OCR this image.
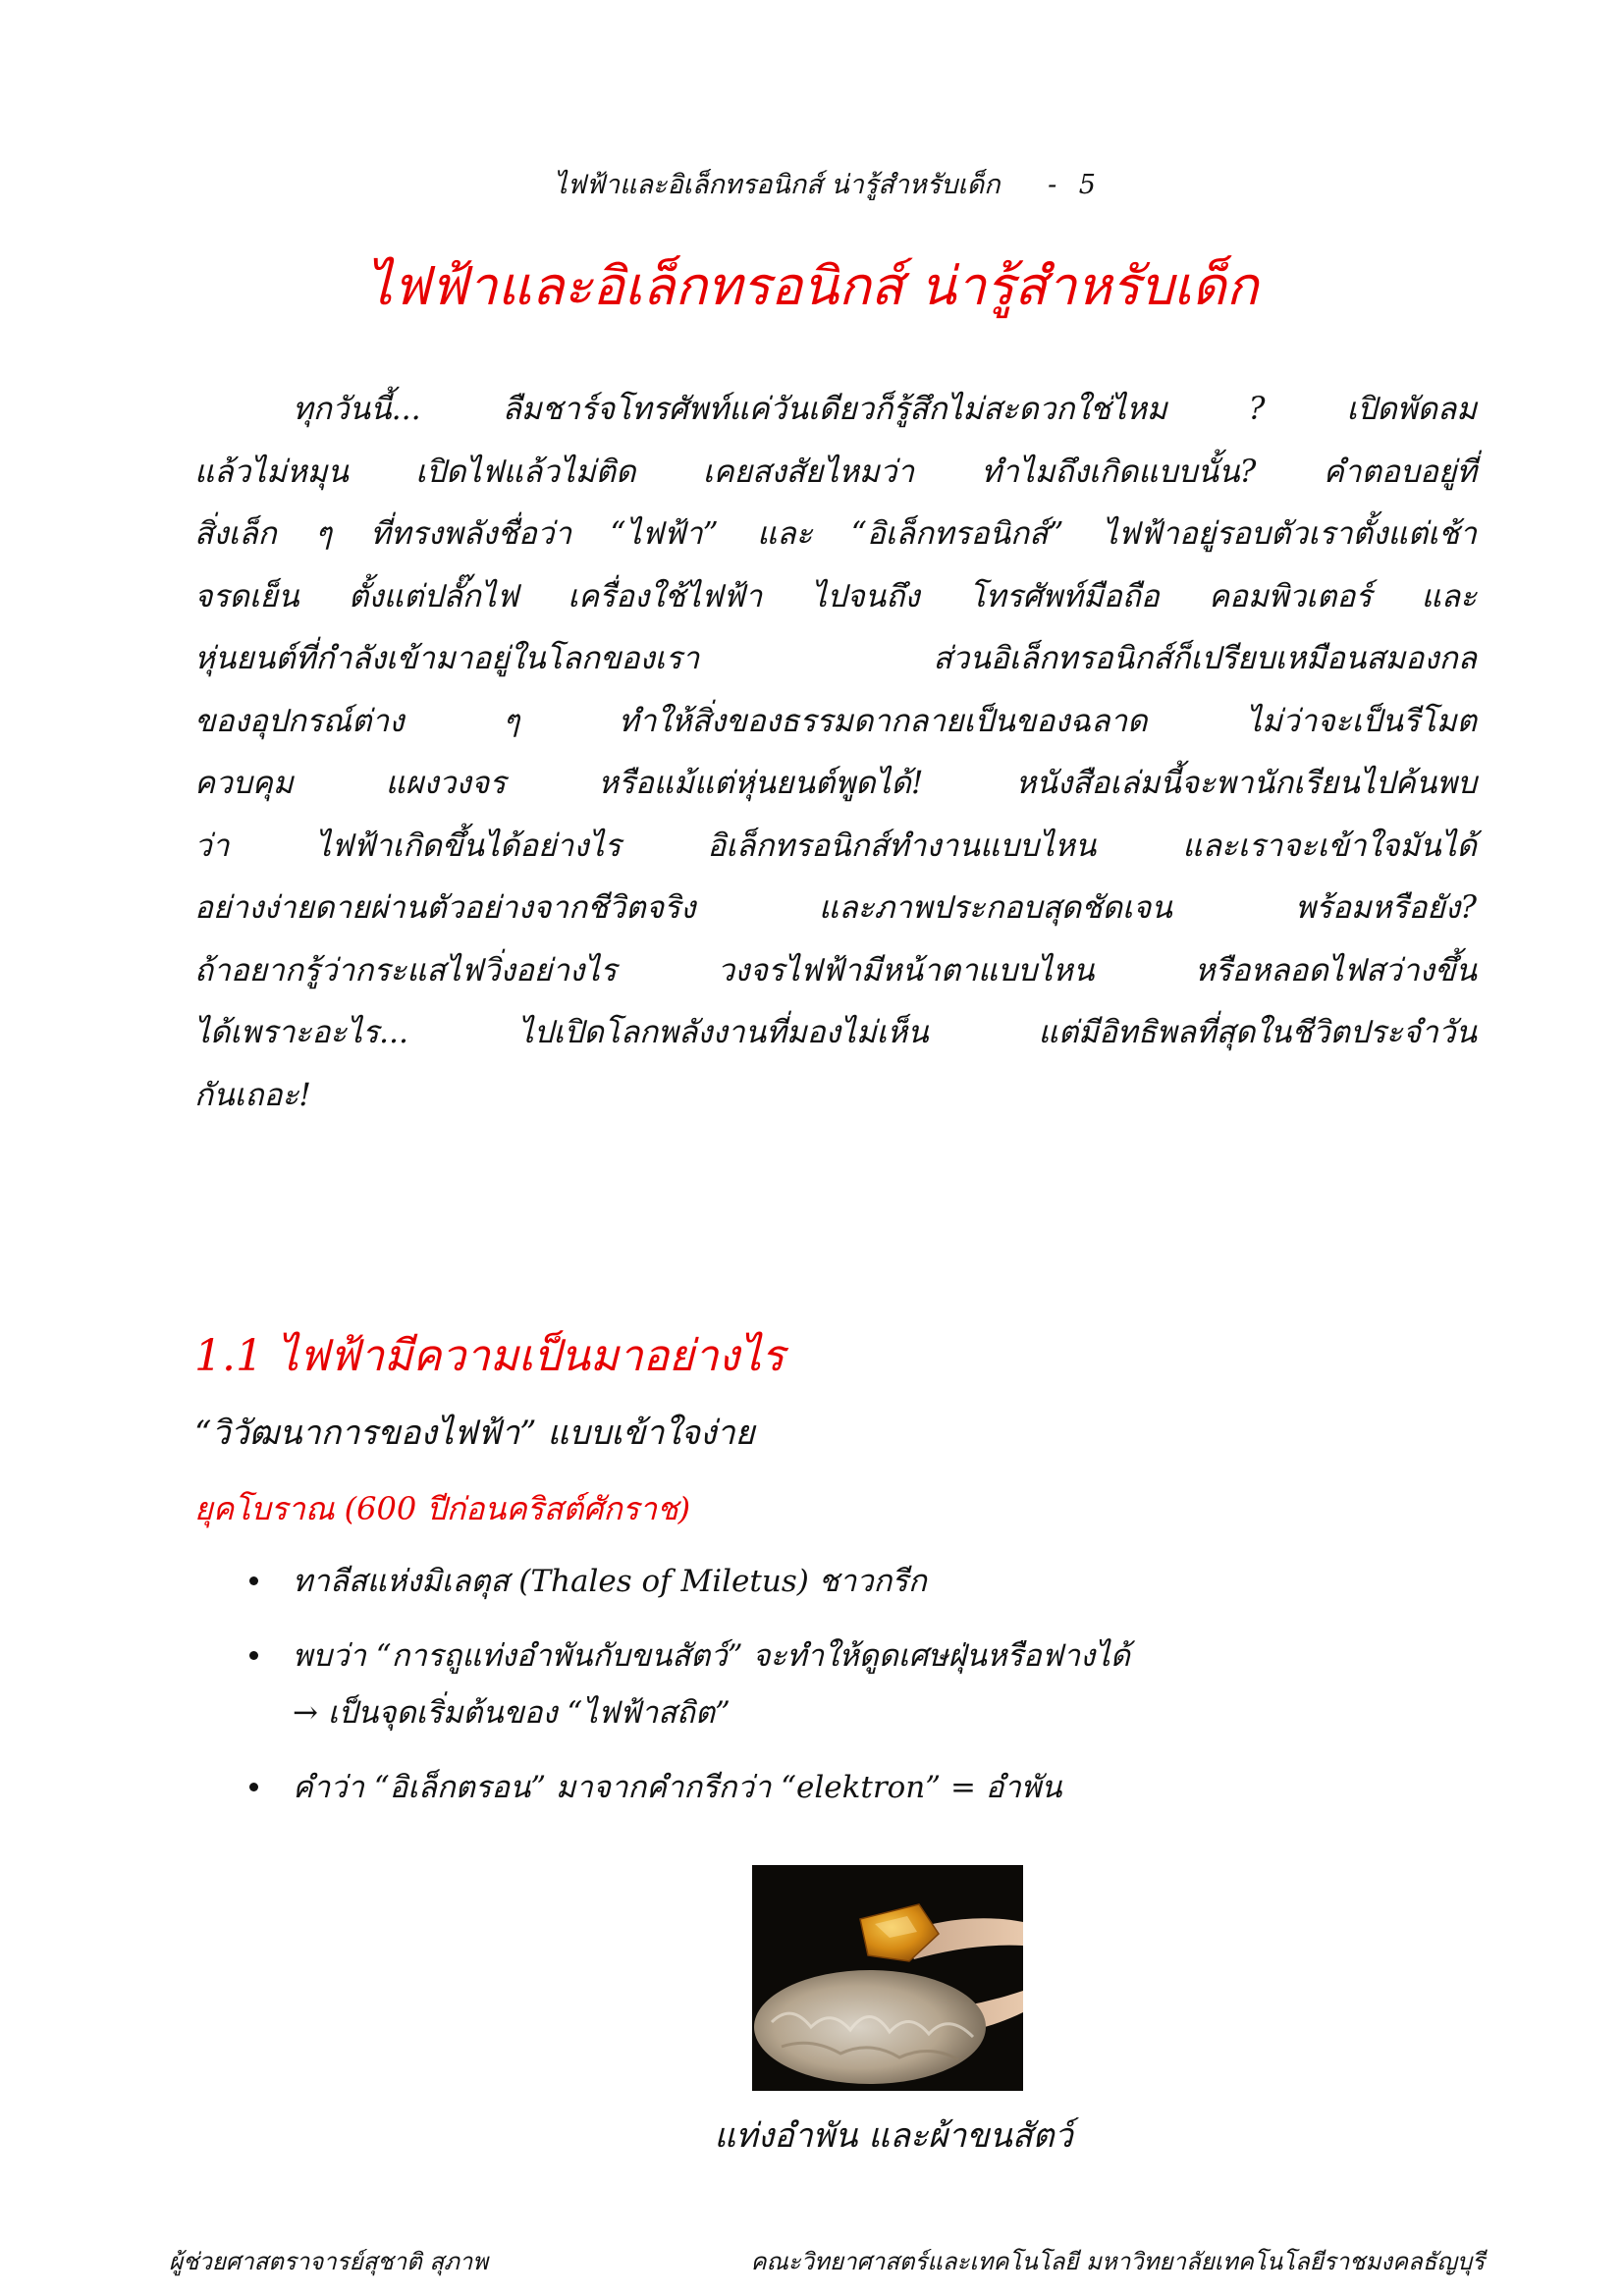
ไฟฟ้าและอิเล็กทรอนิกส์ น่ารู้สำหรับเด็ก - 5
ไฟฟ้าและอิเล็กทรอนิกส์ น่ารู้สำหรับเด็ก
ทุกวันนี้... ลืมชาร์จโทรศัพท์แค่วันเดียวก็รู้สึกไม่สะดวกใช่ไหม ? เปิดพัดลม
แล้วไม่หมุน เปิดไฟแล้วไม่ติด เคยสงสัยไหมว่า ทำไมถึงเกิดแบบนั้น? คำตอบอยู่ที่
สิ่งเล็ก ๆ ที่ทรงพลังชื่อว่า “ไฟฟ้า” และ “อิเล็กทรอนิกส์” ไฟฟ้าอยู่รอบตัวเราตั้งแต่เช้า
จรดเย็น ตั้งแต่ปลั๊กไฟ เครื่องใช้ไฟฟ้า ไปจนถึง โทรศัพท์มือถือ คอมพิวเตอร์ และ
หุ่นยนต์ที่กำลังเข้ามาอยู่ในโลกของเรา ส่วนอิเล็กทรอนิกส์ก็เปรียบเหมือนสมองกล
ของอุปกรณ์ต่าง ๆ ทำให้สิ่งของธรรมดากลายเป็นของฉลาด ไม่ว่าจะเป็นรีโมต
ควบคุม แผงวงจร หรือแม้แต่หุ่นยนต์พูดได้! หนังสือเล่มนี้จะพานักเรียนไปค้นพบ
ว่า ไฟฟ้าเกิดขึ้นได้อย่างไร อิเล็กทรอนิกส์ทำงานแบบไหน และเราจะเข้าใจมันได้
อย่างง่ายดายผ่านตัวอย่างจากชีวิตจริง และภาพประกอบสุดชัดเจน พร้อมหรือยัง?
ถ้าอยากรู้ว่ากระแสไฟวิ่งอย่างไร วงจรไฟฟ้ามีหน้าตาแบบไหน หรือหลอดไฟสว่างขึ้น
ได้เพราะอะไร... ไปเปิดโลกพลังงานที่มองไม่เห็น แต่มีอิทธิพลที่สุดในชีวิตประจำวัน
กันเถอะ!
1.1 ไฟฟ้ามีความเป็นมาอย่างไร
“วิวัฒนาการของไฟฟ้า” แบบเข้าใจง่าย
ยุคโบราณ (600 ปีก่อนคริสต์ศักราช)
ทาลีสแห่งมิเลตุส (Thales of Miletus) ชาวกรีก
พบว่า “การถูแท่งอำพันกับขนสัตว์” จะทำให้ดูดเศษฝุ่นหรือฟางได้
→ เป็นจุดเริ่มต้นของ “ไฟฟ้าสถิต”
คำว่า “อิเล็กตรอน” มาจากคำกรีกว่า “elektron” = อำพัน
แท่งอำพัน และผ้าขนสัตว์
ผู้ช่วยศาสตราจารย์สุชาติ สุภาพ	คณะวิทยาศาสตร์และเทคโนโลยี มหาวิทยาลัยเทคโนโลยีราชมงคลธัญบุรี
